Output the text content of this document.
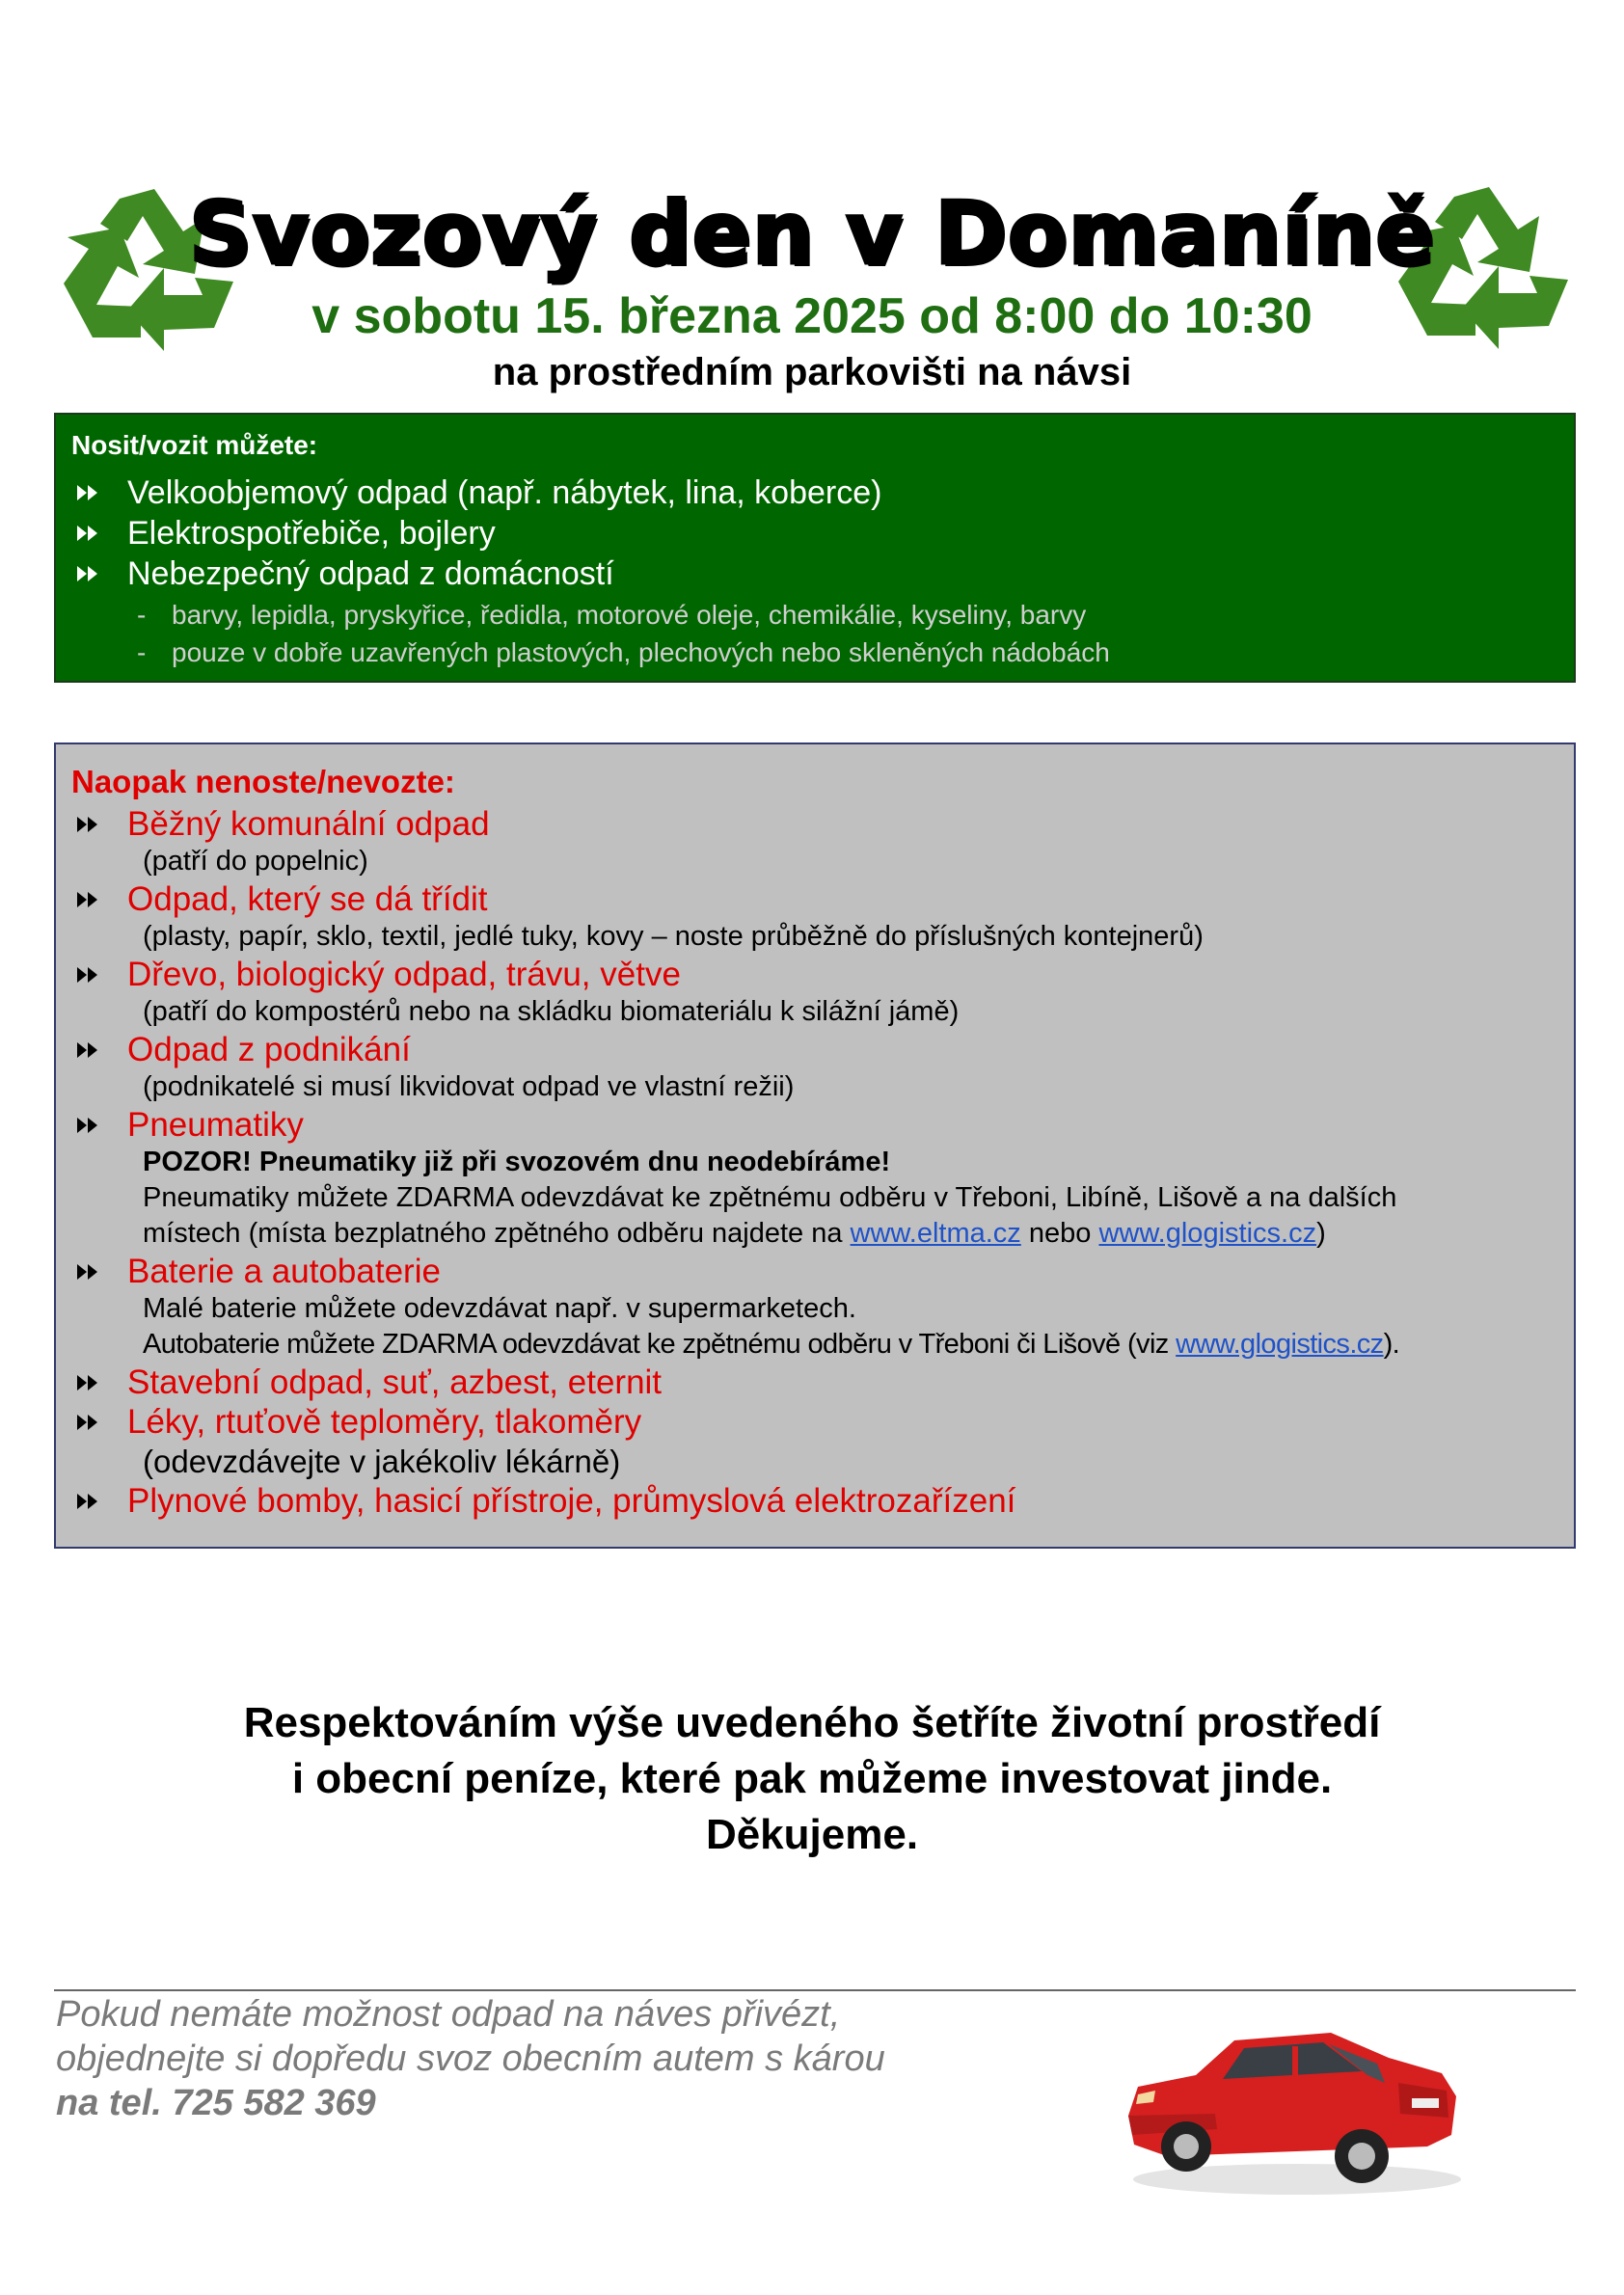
Svozový den v Domaníně
v sobotu 15. března 2025 od 8:00 do 10:30
na prostředním parkovišti na návsi
Nosit/vozit můžete:
Velkoobjemový odpad (např. nábytek, lina, koberce)
Elektrospotřebiče, bojlery
Nebezpečný odpad z domácností
- barvy, lepidla, pryskyřice, ředidla, motorové oleje, chemikálie, kyseliny, barvy
- pouze v dobře uzavřených plastových, plechových nebo skleněných nádobách
Naopak nenoste/nevozte:
Běžný komunální odpad
(patří do popelnic)
Odpad, který se dá třídit
(plasty, papír, sklo, textil, jedlé tuky, kovy – noste průběžně do příslušných kontejnerů)
Dřevo, biologický odpad, trávu, větve
(patří do kompostérů nebo na skládku biomateriálu k silážní jámě)
Odpad z podnikání
(podnikatelé si musí likvidovat odpad ve vlastní režii)
Pneumatiky
POZOR! Pneumatiky již při svozovém dnu neodebíráme!
Pneumatiky můžete ZDARMA odevzdávat ke zpětnému odběru v Třeboni, Libíně, Lišově a na dalších
místech (místa bezplatného zpětného odběru najdete na www.eltma.cz nebo www.glogistics.cz)
Baterie a autobaterie
Malé baterie můžete odevzdávat např. v supermarketech.
Autobaterie můžete ZDARMA odevzdávat ke zpětnému odběru v Třeboni či Lišově (viz www.glogistics.cz).
Stavební odpad, suť, azbest, eternit
Léky, rtuťově teploměry, tlakoměry
(odevzdávejte v jakékoliv lékárně)
Plynové bomby, hasicí přístroje, průmyslová elektrozařízení
Respektováním výše uvedeného šetříte životní prostředí
i obecní peníze, které pak můžeme investovat jinde.
Děkujeme.
Pokud nemáte možnost odpad na náves přivézt,
objednejte si dopředu svoz obecním autem s károu
na tel. 725 582 369
